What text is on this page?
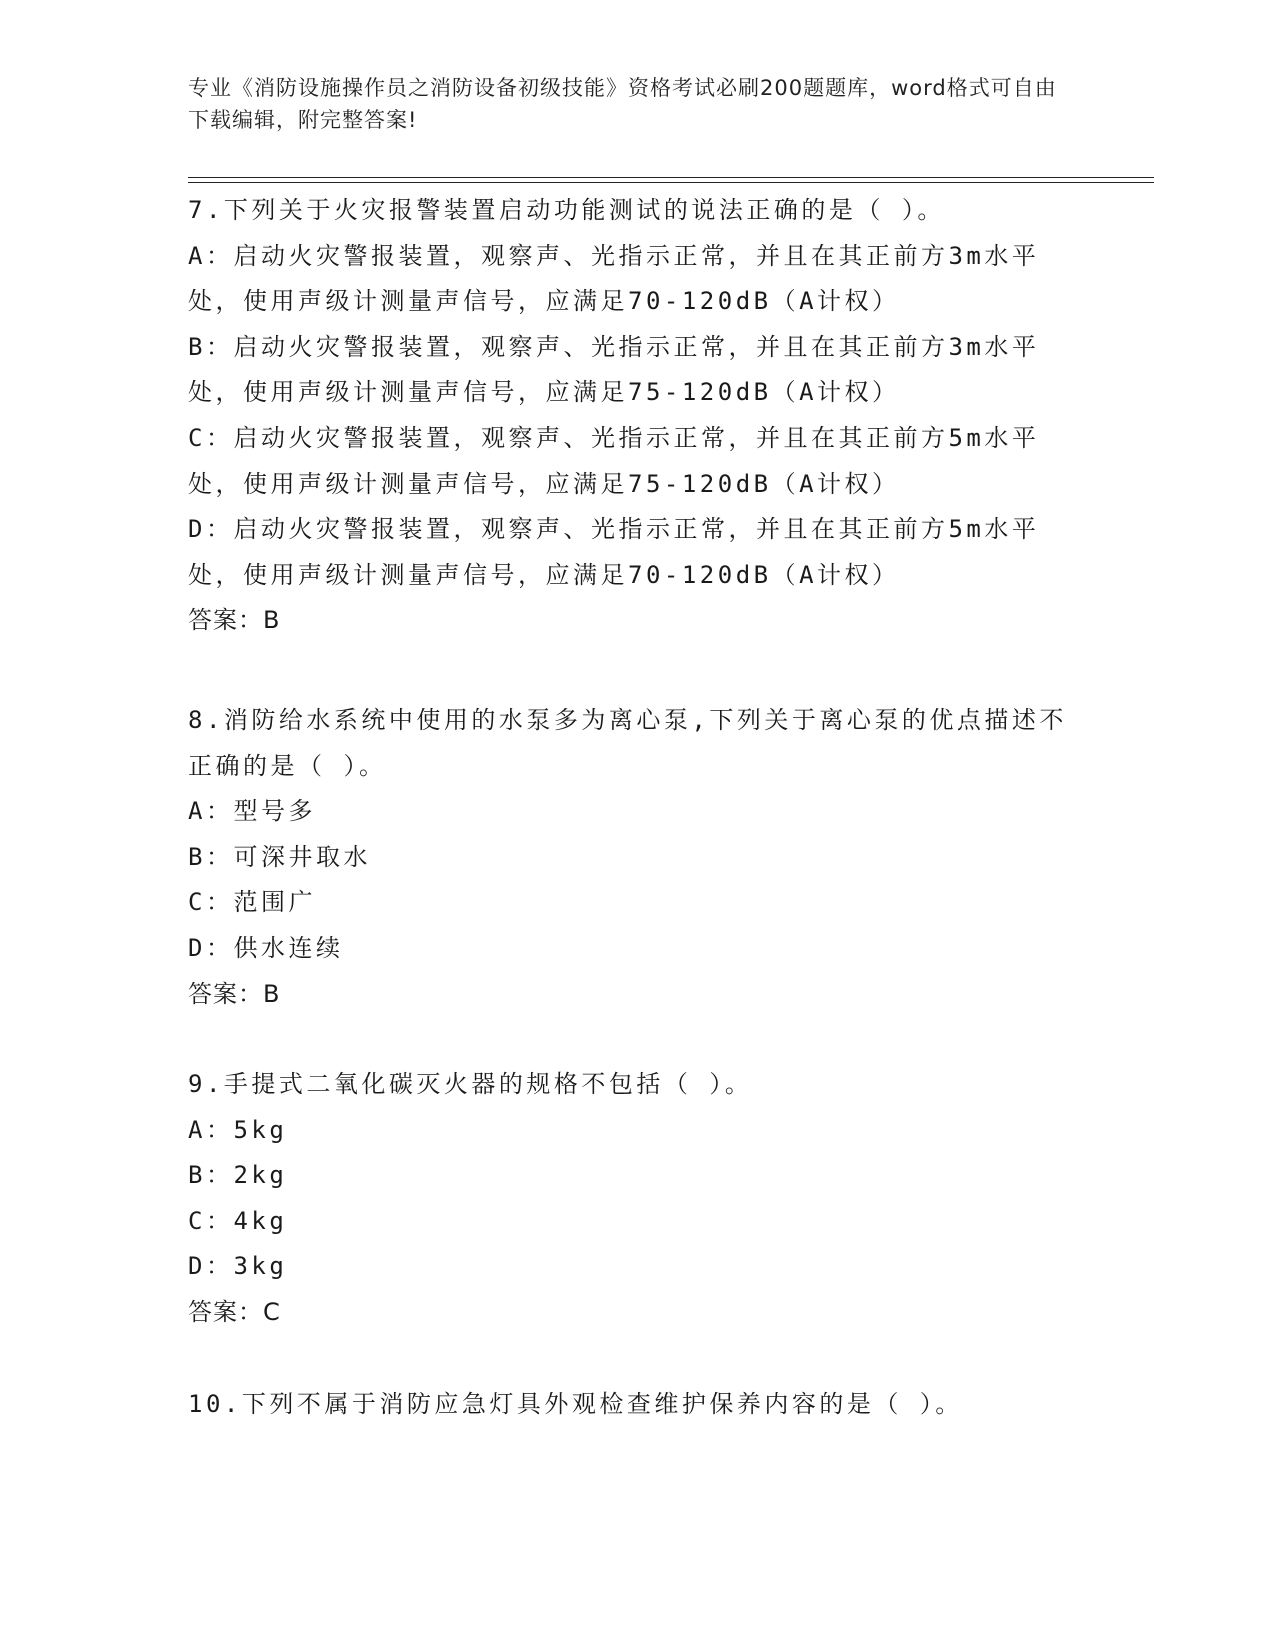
专业《消防设施操作员之消防设备初级技能》资格考试必刷200题题库，word格式可自由下载编辑，附完整答案!

7.下列关于火灾报警装置启动功能测试的说法正确的是（ ）。

A：启动火灾警报装置，观察声、光指示正常，并且在其正前方3m水平处，使用声级计测量声信号，应满足70-120dB（A计权）

B：启动火灾警报装置，观察声、光指示正常，并且在其正前方3m水平处，使用声级计测量声信号，应满足75-120dB（A计权）

C：启动火灾警报装置，观察声、光指示正常，并且在其正前方5m水平处，使用声级计测量声信号，应满足75-120dB（A计权）

D：启动火灾警报装置，观察声、光指示正常，并且在其正前方5m水平处，使用声级计测量声信号，应满足70-120dB（A计权）

答案：B

8.消防给水系统中使用的水泵多为离心泵,下列关于离心泵的优点描述不正确的是（ ）。

A：型号多

B：可深井取水

C：范围广

D：供水连续

答案：B

9.手提式二氧化碳灭火器的规格不包括（ ）。

A：5kg

B：2kg

C：4kg

D：3kg

答案：C

10.下列不属于消防应急灯具外观检查维护保养内容的是（ ）。
